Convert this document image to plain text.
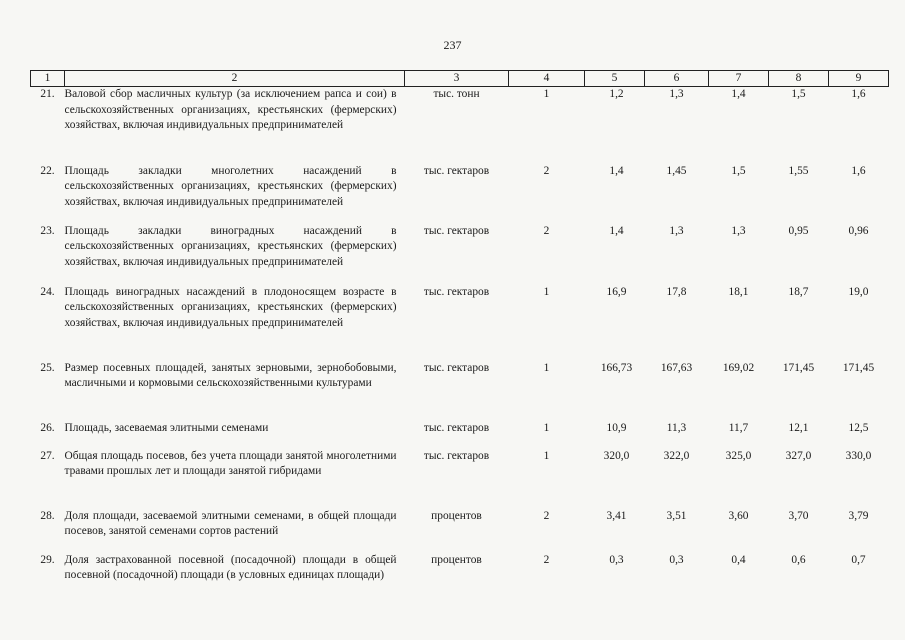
237
1	2	3	4	5	6	7	8	9
21.	Валовой сбор масличных культур (за исключением рапса и сои) в сельскохозяйственных организациях, крестьянских (фермерских) хозяйствах, включая индивидуальных предпринимателей	тыс. тонн	1	1,2	1,3	1,4	1,5	1,6
22.	Площадь закладки многолетних насаждений в сельскохозяйственных организациях, крестьянских (фермерских) хозяйствах, включая индивидуальных предпринимателей	тыс. гектаров	2	1,4	1,45	1,5	1,55	1,6
23.	Площадь закладки виноградных насаждений в сельскохозяйственных организациях, крестьянских (фермерских) хозяйствах, включая индивидуальных предпринимателей	тыс. гектаров	2	1,4	1,3	1,3	0,95	0,96
24.	Площадь виноградных насаждений в плодоносящем возрасте в сельскохозяйственных организациях, крестьянских (фермерских) хозяйствах, включая индивидуальных предпринимателей	тыс. гектаров	1	16,9	17,8	18,1	18,7	19,0
25.	Размер посевных площадей, занятых зерновыми, зернобобовыми, масличными и кормовыми сельскохозяйственными культурами	тыс. гектаров	1	166,73	167,63	169,02	171,45	171,45
26.	Площадь, засеваемая элитными семенами	тыс. гектаров	1	10,9	11,3	11,7	12,1	12,5
27.	Общая площадь посевов, без учета площади занятой многолетними травами прошлых лет и площади занятой гибридами	тыс. гектаров	1	320,0	322,0	325,0	327,0	330,0
28.	Доля площади, засеваемой элитными семенами, в общей площади посевов, занятой семенами сортов растений	процентов	2	3,41	3,51	3,60	3,70	3,79
29.	Доля застрахованной посевной (посадочной) площади в общей посевной (посадочной) площади (в условных единицах площади)	процентов	2	0,3	0,3	0,4	0,6	0,7
